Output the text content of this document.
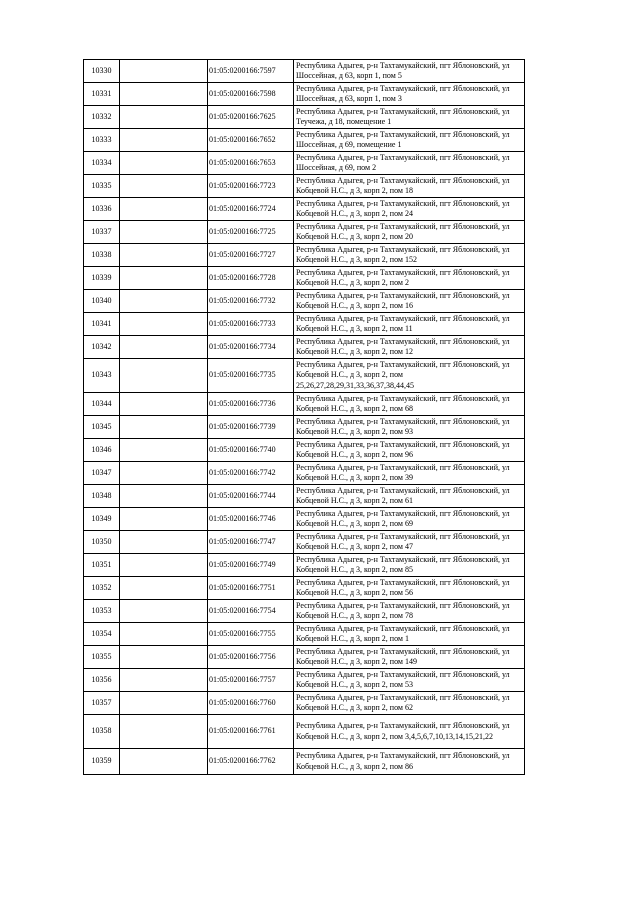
10330		01:05:0200166:7597	Республика Адыгея, р-н Тахтамукайский, пгт Яблоновский, ул Шоссейная, д 63, корп 1, пом 5
10331		01:05:0200166:7598	Республика Адыгея, р-н Тахтамукайский, пгт Яблоновский, ул Шоссейная, д 63, корп 1, пом 3
10332		01:05:0200166:7625	Республика Адыгея, р-н Тахтамукайский, пгт Яблоновский, ул Теучежа, д 18, помещение 1
10333		01:05:0200166:7652	Республика Адыгея, р-н Тахтамукайский, пгт Яблоновский, ул Шоссейная, д 69, помещение 1
10334		01:05:0200166:7653	Республика Адыгея, р-н Тахтамукайский, пгт Яблоновский, ул Шоссейная, д 69, пом 2
10335		01:05:0200166:7723	Республика Адыгея, р-н Тахтамукайский, пгт Яблоновский, ул Кобцевой Н.С., д 3, корп 2, пом 18
10336		01:05:0200166:7724	Республика Адыгея, р-н Тахтамукайский, пгт Яблоновский, ул Кобцевой Н.С., д 3, корп 2, пом 24
10337		01:05:0200166:7725	Республика Адыгея, р-н Тахтамукайский, пгт Яблоновский, ул Кобцевой Н.С., д 3, корп 2, пом 20
10338		01:05:0200166:7727	Республика Адыгея, р-н Тахтамукайский, пгт Яблоновский, ул Кобцевой Н.С., д 3, корп 2, пом 152
10339		01:05:0200166:7728	Республика Адыгея, р-н Тахтамукайский, пгт Яблоновский, ул Кобцевой Н.С., д 3, корп 2, пом 2
10340		01:05:0200166:7732	Республика Адыгея, р-н Тахтамукайский, пгт Яблоновский, ул Кобцевой Н.С., д 3, корп 2, пом 16
10341		01:05:0200166:7733	Республика Адыгея, р-н Тахтамукайский, пгт Яблоновский, ул Кобцевой Н.С., д 3, корп 2, пом 11
10342		01:05:0200166:7734	Республика Адыгея, р-н Тахтамукайский, пгт Яблоновский, ул Кобцевой Н.С., д 3, корп 2, пом 12
10343		01:05:0200166:7735	Республика Адыгея, р-н Тахтамукайский, пгт Яблоновский, ул Кобцевой Н.С., д 3, корп 2, пом 25,26,27,28,29,31,33,36,37,38,44,45
10344		01:05:0200166:7736	Республика Адыгея, р-н Тахтамукайский, пгт Яблоновский, ул Кобцевой Н.С., д 3, корп 2, пом 68
10345		01:05:0200166:7739	Республика Адыгея, р-н Тахтамукайский, пгт Яблоновский, ул Кобцевой Н.С., д 3, корп 2, пом 93
10346		01:05:0200166:7740	Республика Адыгея, р-н Тахтамукайский, пгт Яблоновский, ул Кобцевой Н.С., д 3, корп 2, пом 96
10347		01:05:0200166:7742	Республика Адыгея, р-н Тахтамукайский, пгт Яблоновский, ул Кобцевой Н.С., д 3, корп 2, пом 39
10348		01:05:0200166:7744	Республика Адыгея, р-н Тахтамукайский, пгт Яблоновский, ул Кобцевой Н.С., д 3, корп 2, пом 61
10349		01:05:0200166:7746	Республика Адыгея, р-н Тахтамукайский, пгт Яблоновский, ул Кобцевой Н.С., д 3, корп 2, пом 69
10350		01:05:0200166:7747	Республика Адыгея, р-н Тахтамукайский, пгт Яблоновский, ул Кобцевой Н.С., д 3, корп 2, пом 47
10351		01:05:0200166:7749	Республика Адыгея, р-н Тахтамукайский, пгт Яблоновский, ул Кобцевой Н.С., д 3, корп 2, пом 85
10352		01:05:0200166:7751	Республика Адыгея, р-н Тахтамукайский, пгт Яблоновский, ул Кобцевой Н.С., д 3, корп 2, пом 56
10353		01:05:0200166:7754	Республика Адыгея, р-н Тахтамукайский, пгт Яблоновский, ул Кобцевой Н.С., д 3, корп 2, пом 78
10354		01:05:0200166:7755	Республика Адыгея, р-н Тахтамукайский, пгт Яблоновский, ул Кобцевой Н.С., д 3, корп 2, пом 1
10355		01:05:0200166:7756	Республика Адыгея, р-н Тахтамукайский, пгт Яблоновский, ул Кобцевой Н.С., д 3, корп 2, пом 149
10356		01:05:0200166:7757	Республика Адыгея, р-н Тахтамукайский, пгт Яблоновский, ул Кобцевой Н.С., д 3, корп 2, пом 53
10357		01:05:0200166:7760	Республика Адыгея, р-н Тахтамукайский, пгт Яблоновский, ул Кобцевой Н.С., д 3, корп 2, пом 62
10358		01:05:0200166:7761	Республика Адыгея, р-н Тахтамукайский, пгт Яблоновский, ул Кобцевой Н.С., д 3, корп 2, пом 3,4,5,6,7,10,13,14,15,21,22
10359		01:05:0200166:7762	Республика Адыгея, р-н Тахтамукайский, пгт Яблоновский, ул Кобцевой Н.С., д 3, корп 2, пом 86
